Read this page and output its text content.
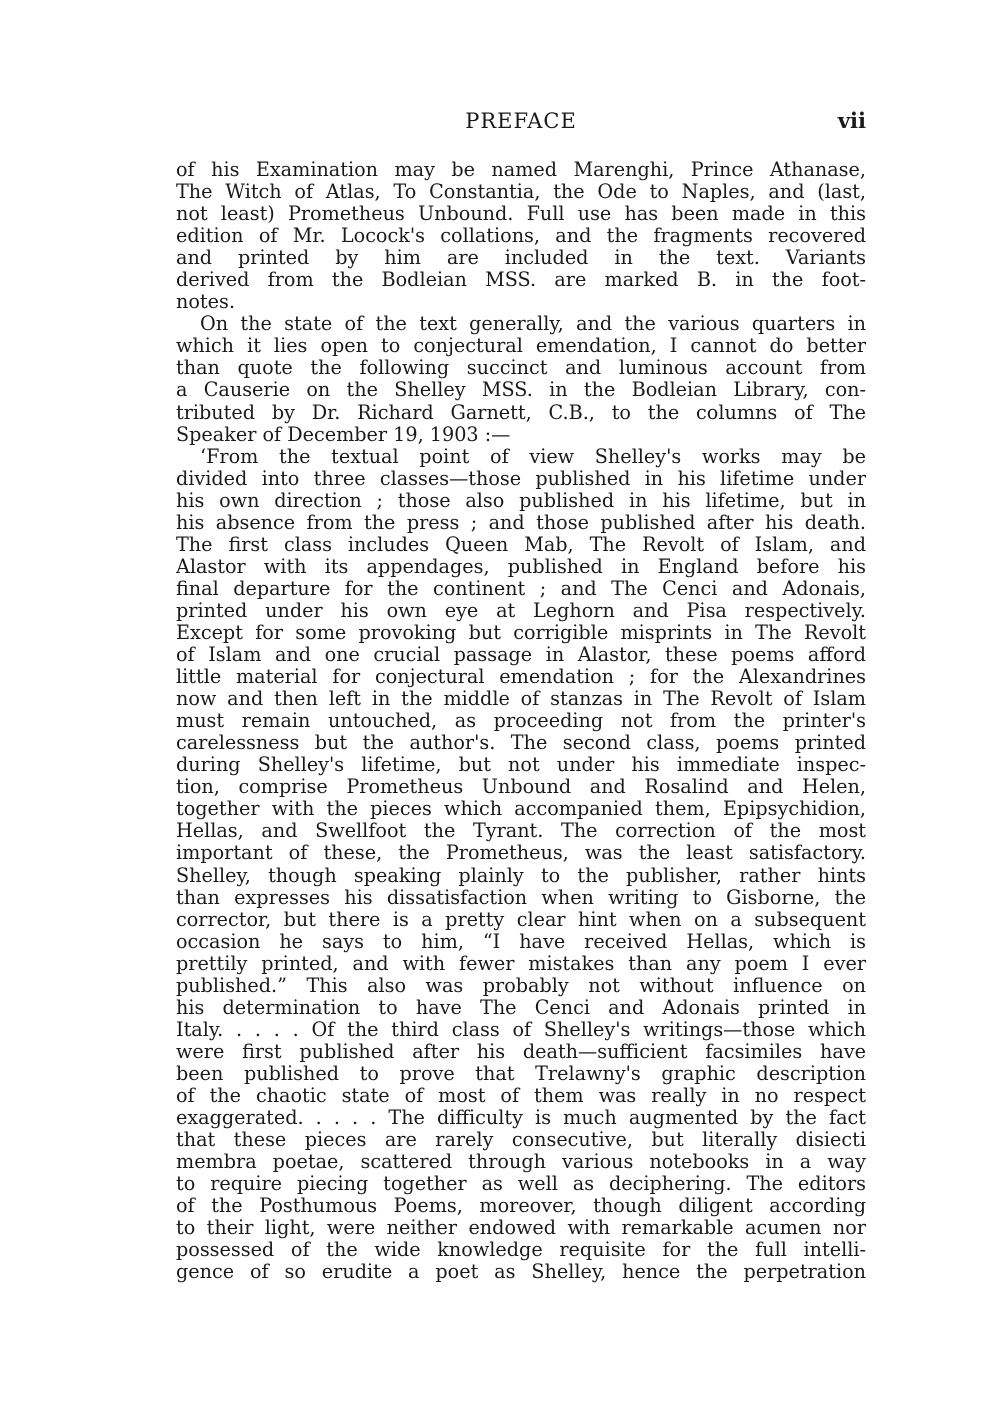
PREFACE	vii
of his Examination may be named Marenghi, Prince Athanase,
The Witch of Atlas, To Constantia, the Ode to Naples, and (last,
not least) Prometheus Unbound. Full use has been made in this
edition of Mr. Locock's collations, and the fragments recovered
and printed by him are included in the text. Variants
derived from the Bodleian MSS. are marked B. in the foot-
notes.
On the state of the text generally, and the various quarters in
which it lies open to conjectural emendation, I cannot do better
than quote the following succinct and luminous account from
a Causerie on the Shelley MSS. in the Bodleian Library, con-
tributed by Dr. Richard Garnett, C.B., to the columns of The
Speaker of December 19, 1903 :—
‘From the textual point of view Shelley's works may be
divided into three classes—those published in his lifetime under
his own direction ; those also published in his lifetime, but in
his absence from the press ; and those published after his death.
The first class includes Queen Mab, The Revolt of Islam, and
Alastor with its appendages, published in England before his
final departure for the continent ; and The Cenci and Adonais,
printed under his own eye at Leghorn and Pisa respectively.
Except for some provoking but corrigible misprints in The Revolt
of Islam and one crucial passage in Alastor, these poems afford
little material for conjectural emendation ; for the Alexandrines
now and then left in the middle of stanzas in The Revolt of Islam
must remain untouched, as proceeding not from the printer's
carelessness but the author's. The second class, poems printed
during Shelley's lifetime, but not under his immediate inspec-
tion, comprise Prometheus Unbound and Rosalind and Helen,
together with the pieces which accompanied them, Epipsychidion,
Hellas, and Swellfoot the Tyrant. The correction of the most
important of these, the Prometheus, was the least satisfactory.
Shelley, though speaking plainly to the publisher, rather hints
than expresses his dissatisfaction when writing to Gisborne, the
corrector, but there is a pretty clear hint when on a subsequent
occasion he says to him, “I have received Hellas, which is
prettily printed, and with fewer mistakes than any poem I ever
published.” This also was probably not without influence on
his determination to have The Cenci and Adonais printed in
Italy. . . . . Of the third class of Shelley's writings—those which
were first published after his death—sufficient facsimiles have
been published to prove that Trelawny's graphic description
of the chaotic state of most of them was really in no respect
exaggerated. . . . . The difficulty is much augmented by the fact
that these pieces are rarely consecutive, but literally disiecti
membra poetae, scattered through various notebooks in a way
to require piecing together as well as deciphering. The editors
of the Posthumous Poems, moreover, though diligent according
to their light, were neither endowed with remarkable acumen nor
possessed of the wide knowledge requisite for the full intelli-
gence of so erudite a poet as Shelley, hence the perpetration
